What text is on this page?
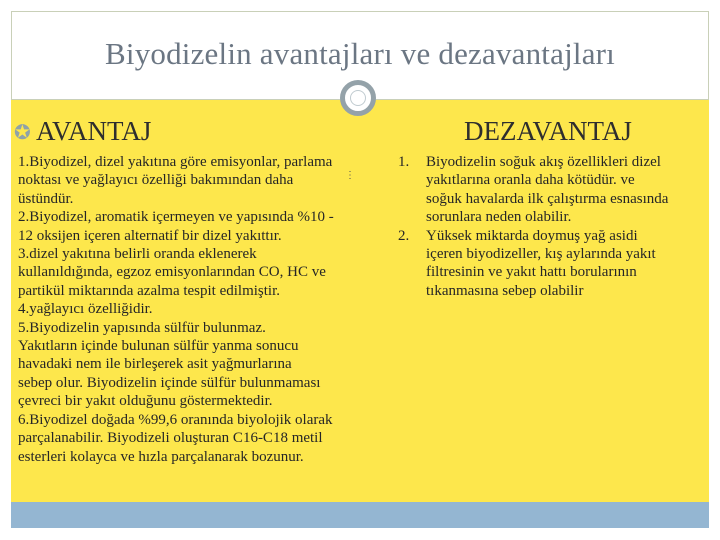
Biyodizelin avantajları ve dezavantajları
✪ AVANTAJ	DEZAVANTAJ

1.Biyodizel, dizel yakıtına göre emisyonlar, parlama

noktası ve yağlayıcı özelliği bakımından daha

üstündür.

2.Biyodizel, aromatik içermeyen ve yapısında %10 -

12 oksijen içeren alternatif bir dizel yakıttır.

3.dizel yakıtına belirli oranda eklenerek

kullanıldığında, egzoz emisyonlarından CO, HC ve

partikül miktarında azalma tespit edilmiştir.

4.yağlayıcı özelliğidir.

5.Biyodizelin yapısında sülfür bulunmaz.

Yakıtların içinde bulunan sülfür yanma sonucu

havadaki nem ile birleşerek asit yağmurlarına

sebep olur. Biyodizelin içinde sülfür bulunmaması

çevreci bir yakıt olduğunu göstermektedir.

6.Biyodizel doğada %99,6 oranında biyolojik olarak

parçalanabilir. Biyodizeli oluşturan C16-C18 metil

esterleri kolayca ve hızla parçalanarak bozunur.

⋮
1.	Biyodizelin soğuk akış özellikleri dizel
yakıtlarına oranla daha kötüdür. ve
soğuk havalarda ilk çalıştırma esnasında
sorunlara neden olabilir.
2.	Yüksek miktarda doymuş yağ asidi
içeren biyodizeller, kış aylarında yakıt
filtresinin ve yakıt hattı borularının
tıkanmasına sebep olabilir
